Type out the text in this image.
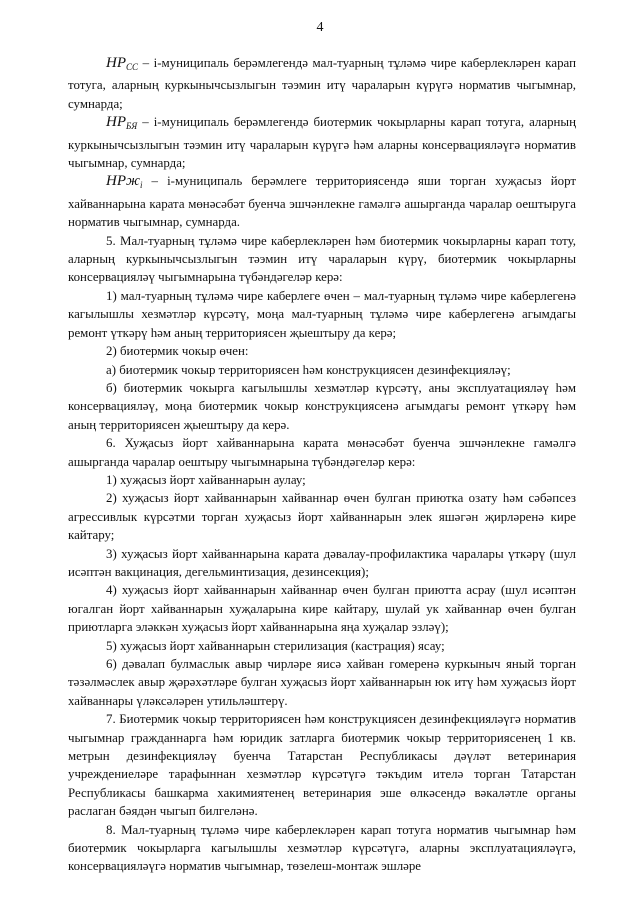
4

$НР_{СС}$ – i-муниципаль берәмлегендә мал-туарның тұләмә чире каберлекләрен карап тотуга, аларның куркынычсызлыгын тәэмин итү чараларын күрүгә норматив чыгымнар, сумнарда;

$НР_{БЯ}$ – i-муниципаль берәмлегендә биотермик чокырларны карап тотуга, аларның куркынычсызлыгын тәэмин итү чараларын күрүгә һәм аларны консервацияләүгә норматив чыгымнар, сумнарда;

НРж$_i$ – i-муниципаль берәмлеге территориясендә яши торган хуҗасыз йорт хайваннарына карата мөнәсәбәт буенча эшчәнлекне гамәлгә ашырганда чаралар оештыруга норматив чыгымнар, сумнарда.

5. Мал-туарның тұләмә чире каберлекләрен һәм биотермик чокырларны карап тоту, аларның куркынычсызлыгын тәэмин итү чараларын күрү, биотермик чокырларны консервацияләү чыгымнарына түбәндәгеләр керә:

1) мал-туарның тұләмә чире каберлеге өчен – мал-туарның тұләмә чире каберлегенә кагылышлы хезмәтләр күрсәтү, моңа мал-туарның тұләмә чире каберлегенә агымдагы ремонт үткәрү һәм аның территориясен җыештыру да керә;

2) биотермик чокыр өчен:

а) биотермик чокыр территориясен һәм конструкциясен дезинфекцияләү;

б) биотермик чокырга кагылышлы хезмәтләр күрсәтү, аны эксплуатацияләү һәм консервацияләү, моңа биотермик чокыр конструкциясенә агымдагы ремонт үткәрү һәм аның территориясен җыештыру да керә.

6. Хуҗасыз йорт хайваннарына карата мөнәсәбәт буенча эшчәнлекне гамәлгә ашырганда чаралар оештыру чыгымнарына түбәндәгеләр керә:

1) хуҗасыз йорт хайваннарын аулау;

2) хуҗасыз йорт хайваннарын хайваннар өчен булган приютка озату һәм сәбәпсез агрессивлык күрсәтми торган хуҗасыз йорт хайваннарын элек яшәгән җирләренә кире кайтару;

3) хуҗасыз йорт хайваннарына карата дәвалау-профилактика чаралары үткәрү (шул исәптән вакцинация, дегельминтизация, дезинсекция);

4) хуҗасыз йорт хайваннарын хайваннар өчен булган приютта асрау (шул исәптән югалган йорт хайваннарын хуҗаларына кире кайтару, шулай ук хайваннар өчен булган приютларга эләккән хуҗасыз йорт хайваннарына яңа хуҗалар эзләү);

5) хуҗасыз йорт хайваннарын стерилизация (кастрация) ясау;

6) дәвалап булмаслык авыр чирләре яисә хайван гомеренә куркыныч яный торган тәзәлмәслек авыр җәрәхәтләре булган хуҗасыз йорт хайваннарын юк итү һәм хуҗасыз йорт хайваннары үләксәләрен утильләштерү.

7. Биотермик чокыр территориясен һәм конструкциясен дезинфекцияләүгә норматив чыгымнар гражданнарга һәм юридик затларга биотермик чокыр территориясенең 1 кв. метрын дезинфекцияләү буенча Татарстан Республикасы дәүләт ветеринария учреждениеләре тарафыннан хезмәтләр күрсәтүгә тәкъдим ителә торган Татарстан Республикасы башкарма хакимиятенең ветеринария эше өлкәсендә вәкаләтле органы раслаган бәядән чыгып билгеләнә.

8. Мал-туарның тұләмә чире каберлекләрен карап тотуга норматив чыгымнар һәм биотермик чокырларга кагылышлы хезмәтләр күрсәтүгә, аларны эксплуатацияләүгә, консервацияләүгә норматив чыгымнар, төзелеш-монтаж эшләре
